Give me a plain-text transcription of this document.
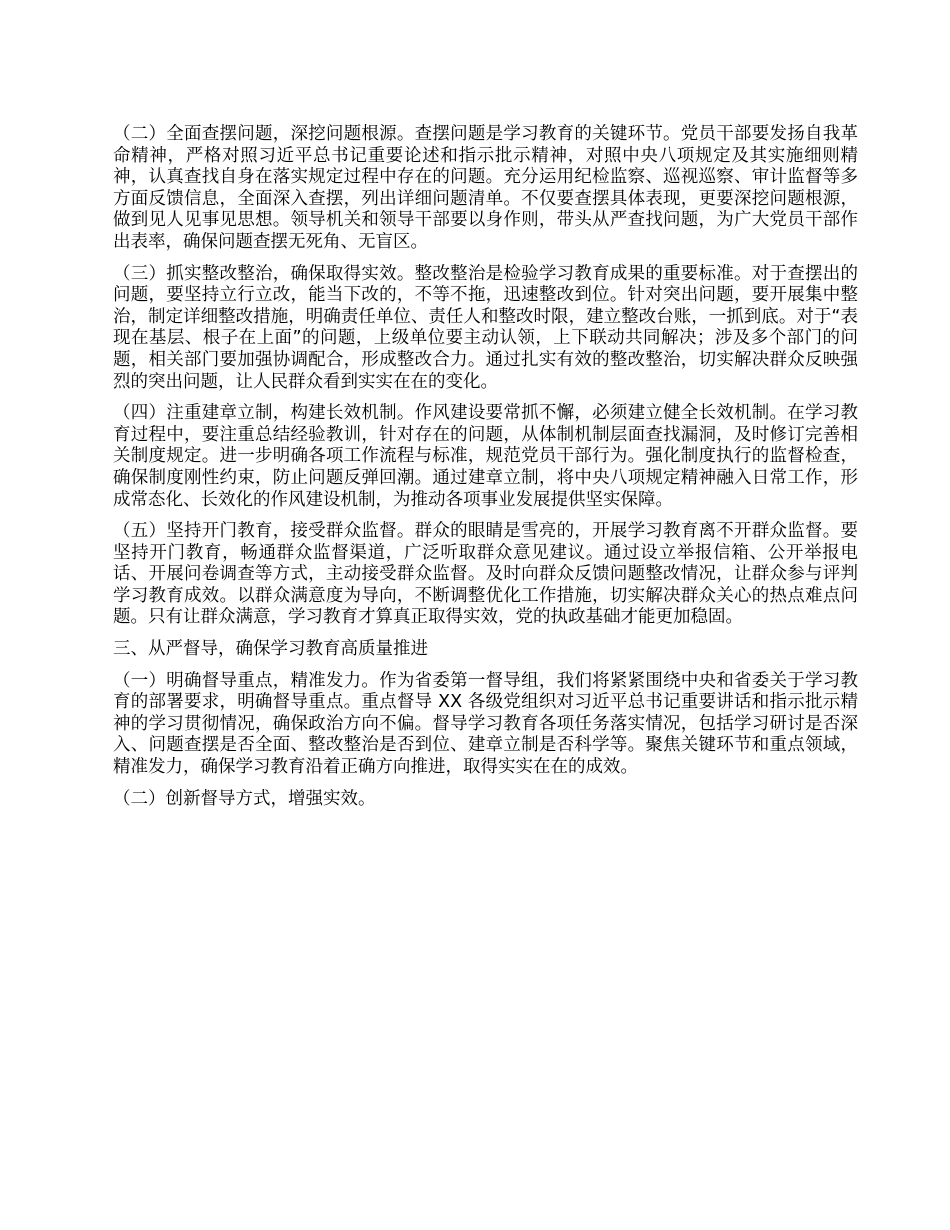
（二）全面查摆问题，深挖问题根源。查摆问题是学习教育的关键环节。党员干部要发扬自我革命精神，严格对照习近平总书记重要论述和指示批示精神，对照中央八项规定及其实施细则精神，认真查找自身在落实规定过程中存在的问题。充分运用纪检监察、巡视巡察、审计监督等多方面反馈信息，全面深入查摆，列出详细问题清单。不仅要查摆具体表现，更要深挖问题根源，做到见人见事见思想。领导机关和领导干部要以身作则，带头从严查找问题，为广大党员干部作出表率，确保问题查摆无死角、无盲区。

（三）抓实整改整治，确保取得实效。整改整治是检验学习教育成果的重要标准。对于查摆出的问题，要坚持立行立改，能当下改的，不等不拖，迅速整改到位。针对突出问题，要开展集中整治，制定详细整改措施，明确责任单位、责任人和整改时限，建立整改台账，一抓到底。对于“表现在基层、根子在上面”的问题，上级单位要主动认领，上下联动共同解决；涉及多个部门的问题，相关部门要加强协调配合，形成整改合力。通过扎实有效的整改整治，切实解决群众反映强烈的突出问题，让人民群众看到实实在在的变化。

（四）注重建章立制，构建长效机制。作风建设要常抓不懈，必须建立健全长效机制。在学习教育过程中，要注重总结经验教训，针对存在的问题，从体制机制层面查找漏洞，及时修订完善相关制度规定。进一步明确各项工作流程与标准，规范党员干部行为。强化制度执行的监督检查，确保制度刚性约束，防止问题反弹回潮。通过建章立制，将中央八项规定精神融入日常工作，形成常态化、长效化的作风建设机制，为推动各项事业发展提供坚实保障。

（五）坚持开门教育，接受群众监督。群众的眼睛是雪亮的，开展学习教育离不开群众监督。要坚持开门教育，畅通群众监督渠道，广泛听取群众意见建议。通过设立举报信箱、公开举报电话、开展问卷调查等方式，主动接受群众监督。及时向群众反馈问题整改情况，让群众参与评判学习教育成效。以群众满意度为导向，不断调整优化工作措施，切实解决群众关心的热点难点问题。只有让群众满意，学习教育才算真正取得实效，党的执政基础才能更加稳固。

三、从严督导，确保学习教育高质量推进

（一）明确督导重点，精准发力。作为省委第一督导组，我们将紧紧围绕中央和省委关于学习教育的部署要求，明确督导重点。重点督导 XX 各级党组织对习近平总书记重要讲话和指示批示精神的学习贯彻情况，确保政治方向不偏。督导学习教育各项任务落实情况，包括学习研讨是否深入、问题查摆是否全面、整改整治是否到位、建章立制是否科学等。聚焦关键环节和重点领域，精准发力，确保学习教育沿着正确方向推进，取得实实在在的成效。

（二）创新督导方式，增强实效。
